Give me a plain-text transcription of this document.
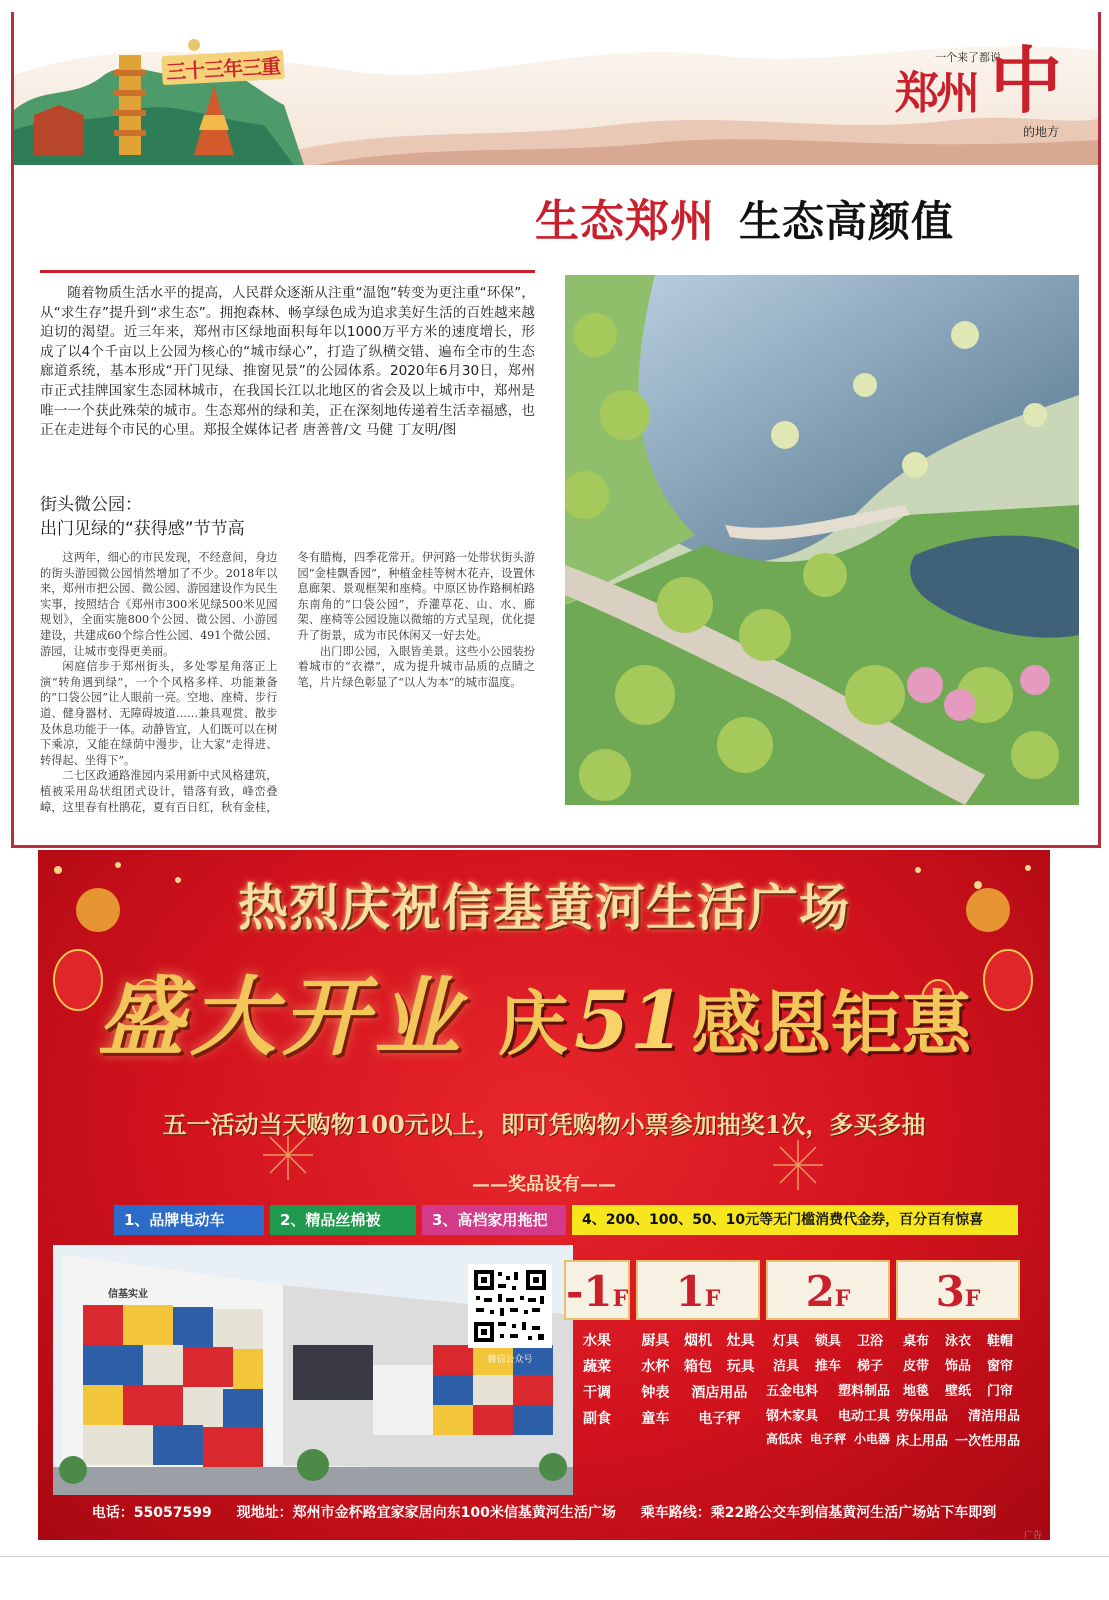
三十三年三重	一个来了都说
郑州 中
的地方
生态郑州 生态高颜值

随着物质生活水平的提高，人民群众逐渐从注重“温饱”转变为更注重“环保”，从“求生存”提升到“求生态”。拥抱森林、畅享绿色成为追求美好生活的百姓越来越迫切的渴望。近三年来，郑州市区绿地面积每年以1000万平方米的速度增长，形成了以4个千亩以上公园为核心的“城市绿心”，打造了纵横交错、遍布全市的生态廊道系统，基本形成“开门见绿、推窗见景”的公园体系。2020年6月30日，郑州市正式挂牌国家生态园林城市，在我国长江以北地区的省会及以上城市中，郑州是唯一一个获此殊荣的城市。生态郑州的绿和美，正在深刻地传递着生活幸福感，也正在走进每个市民的心里。郑报全媒体记者 唐善普/文 马健 丁友明/图

街头微公园：
出门见绿的“获得感”节节高

这两年，细心的市民发现，不经意间，身边的街头游园微公园悄然增加了不少。2018年以来，郑州市把公园、微公园、游园建设作为民生实事，按照结合《郑州市300米见绿500米见园规划》，全面实施800个公园、微公园、小游园建设，共建成60个综合性公园、491个微公园、游园，让城市变得更美丽。

闲庭信步于郑州街头，多处零星角落正上演“转角遇到绿”，一个个风格多样、功能兼备的“口袋公园”让人眼前一亮。空地、座椅、步行道、健身器材、无障碍坡道……兼具观赏、散步及休息功能于一体。动静皆宜，人们既可以在树下乘凉，又能在绿荫中漫步，让大家“走得进、转得起、坐得下”。

二七区政通路淮园内采用新中式风格建筑，植被采用岛状组团式设计，错落有致，峰峦叠嶂，这里春有杜鹃花，夏有百日红，秋有金桂，冬有腊梅，四季花常开。伊河路一处带状街头游园“金桂飘香园”，种植金桂等树木花卉，设置休息廊架、景观框架和座椅。中原区协作路桐柏路东南角的“口袋公园”，乔灌草花、山、水、廊架、座椅等公园设施以微缩的方式呈现，优化提升了街景，成为市民休闲又一好去处。

出门即公园，入眼皆美景。这些小公园装扮着城市的“衣襟”，成为提升城市品质的点睛之笔，片片绿色彰显了“以人为本”的城市温度。

热烈庆祝信基黄河生活广场
盛大开业 庆51感恩钜惠
五一活动当天购物100元以上，即可凭购物小票参加抽奖1次，多买多抽
——奖品设有——
1、品牌电动车	2、精品丝棉被	3、高档家用拖把	4、200、100、50、10元等无门槛消费代金券，百分百有惊喜
信基实业
微信公众号
-1F
水果
蔬菜
干调
副食
1F
厨具	烟机	灶具
水杯	箱包	玩具
钟表	酒店用品
童车	电子秤
2F
灯具	锁具	卫浴
洁具	推车	梯子
五金电料 塑料制品
钢木家具 电动工具
高低床 电子秤 小电器
3F
桌布	泳衣	鞋帽
皮带	饰品	窗帘
地毯	壁纸	门帘
劳保用品 清洁用品
床上用品 一次性用品
电话：55057599 现地址：郑州市金杯路宜家家居向东100米信基黄河生活广场 乘车路线：乘22路公交车到信基黄河生活广场站下车即到
广告
